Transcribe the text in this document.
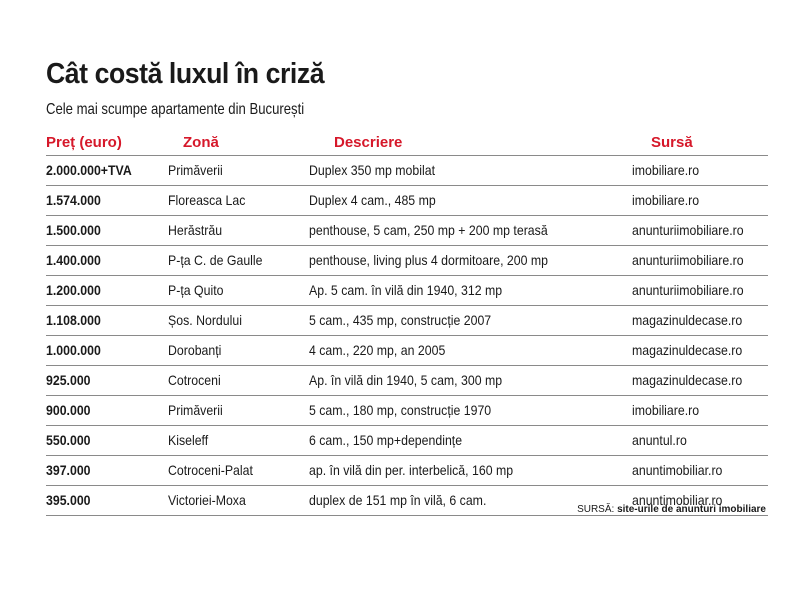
Cât costă luxul în criză
Cele mai scumpe apartamente din București
Preț (euro)	Zonă	Descriere	Sursă
2.000.000+TVA	Primăverii	Duplex 350 mp mobilat	imobiliare.ro
1.574.000	Floreasca Lac	Duplex 4 cam., 485 mp	imobiliare.ro
1.500.000	Herăstrău	penthouse, 5 cam, 250 mp + 200 mp terasă	anunturiimobiliare.ro
1.400.000	P-ța C. de Gaulle	penthouse, living plus 4 dormitoare, 200 mp	anunturiimobiliare.ro
1.200.000	P-ța Quito	Ap. 5 cam. în vilă din 1940, 312 mp	anunturiimobiliare.ro
1.108.000	Șos. Nordului	5 cam., 435 mp, construcție 2007	magazinuldecase.ro
1.000.000	Dorobanți	4 cam., 220 mp, an 2005	magazinuldecase.ro
925.000	Cotroceni	Ap. în vilă din 1940, 5 cam, 300 mp	magazinuldecase.ro
900.000	Primăverii	5 cam., 180 mp, construcție 1970	imobiliare.ro
550.000	Kiseleff	6 cam., 150 mp+dependințe	anuntul.ro
397.000	Cotroceni-Palat	ap. în vilă din per. interbelică, 160 mp	anuntimobiliar.ro
395.000	Victoriei-Moxa	duplex de 151 mp în vilă, 6 cam.	anuntimobiliar.ro
SURSĂ: site-urile de anunturi imobiliare
